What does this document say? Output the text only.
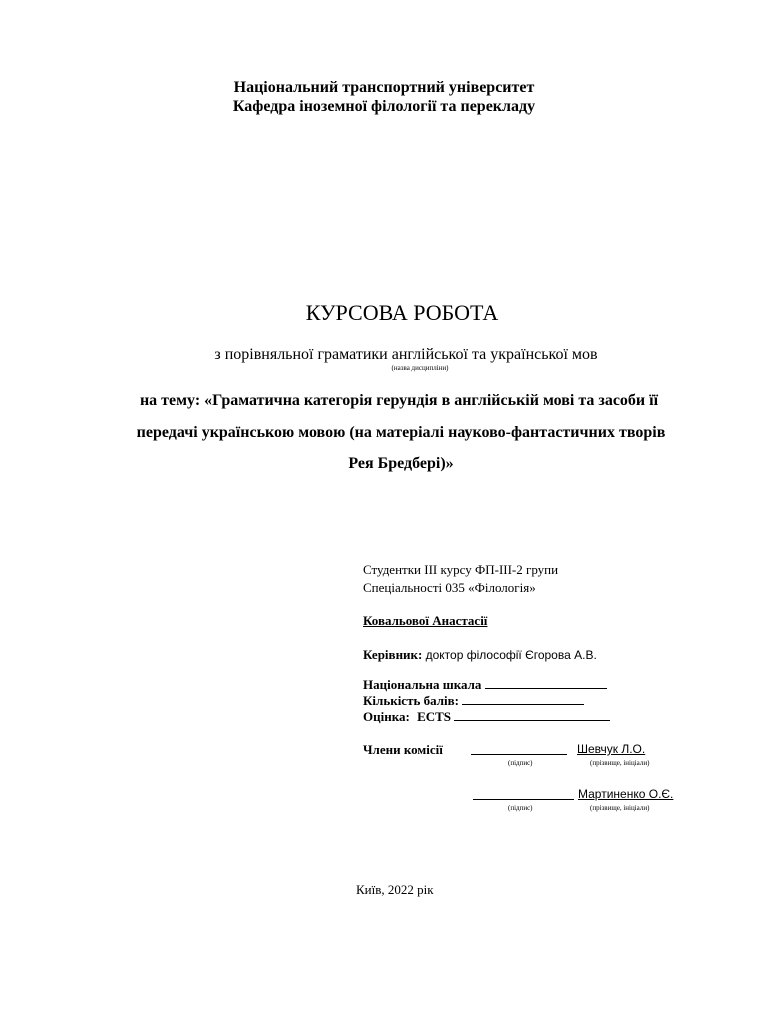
Національний транспортний університет
Кафедра іноземної філології та перекладу
КУРСОВА РОБОТА
з порівняльної граматики англійської та української мов
(назва дисципліни)
на тему: «Граматична категорія герундія в англійській мові та засоби її
передачі українською мовою (на матеріалі науково-фантастичних творів
Рея Бредбері)»
Студентки ІІІ курсу ФП-ІІІ-2 групи
Спеціальності 035 «Філологія»
Ковальової Анастасії
Керівник: доктор філософії Єгорова А.В.
Національна шкала
Кількість балів:
Оцінка: ECTS
Члени комісії	Шевчук Л.О.
(підпис)	(прізвище, ініціали)
Мартиненко О.Є.
(підпис)	(прізвище, ініціали)
Київ, 2022 рік
